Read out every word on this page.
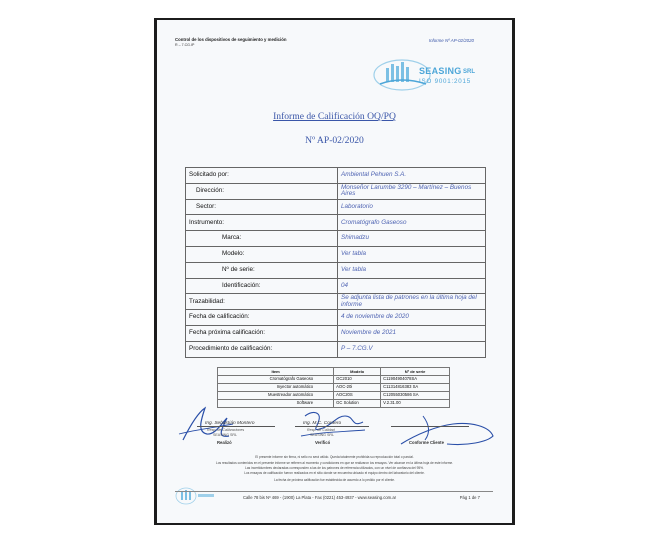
Control de los dispositivos de seguimiento y medición
R – 7.CG.IP
Informe Nº AP-02/2020
SEASING SRL
ISO 9001:2015
Informe de Calificación OQ/PQ
Nº AP-02/2020
Solicitado por:	Ambiental Pehuen S.A.
Dirección:	Monseñor Larumbe 3290 – Martínez – Buenos Aires
Sector:	Laboratorio
Instrumento:	Cromatógrafo Gaseoso
Marca:	Shimadzu
Modelo:	Ver tabla
Nº de serie:	Ver tabla
Identificación:	04
Trazabilidad:	Se adjunta lista de patrones en la última hoja del informe
Fecha de calificación:	4 de noviembre de 2020
Fecha próxima calificación:	Noviembre de 2021
Procedimiento de calificación:	P – 7.CG.V
Item	Modelo	Nº de serie
Cromatógrafo Gaseoso	GC2010	C11904904078SA
Inyector automático	AOC-20i	C11314816383 SA
Muestreador automático	AOC20S	C12055030586 SA
Software	GC Solution	V.2.31.00
Ing. Sebastián Montero
Resp. de Calibraciones
SEASING SRL
Realizó
Ing. M.C. Cordero
Resp. de Calidad
SEASING SRL
Verificó	Conforme Cliente
El presente informe sin firma, ni sello no será válido. Queda totalmente prohibida su reproducción total o parcial.
Los resultados contenidos en el presente informe se refieren al momento y condiciones en que se realizaron los ensayos. Ver alcance en la última hoja de este informe.
Las incertidumbres declaradas corresponden a las de los patrones de referencia utilizados, con un nivel de confianza del 95%.
Los ensayos de calificación fueron realizados en el sitio donde se encuentra ubicado el equipo dentro del laboratorio del cliente.
La fecha de próxima calificación fue establecida de acuerdo a lo pedido por el cliente.
Calle 78 bis Nº 469 - (1900) La Plata - Fax (0221) 453-4937 - www.seasing.com.ar	Pág 1 de 7
